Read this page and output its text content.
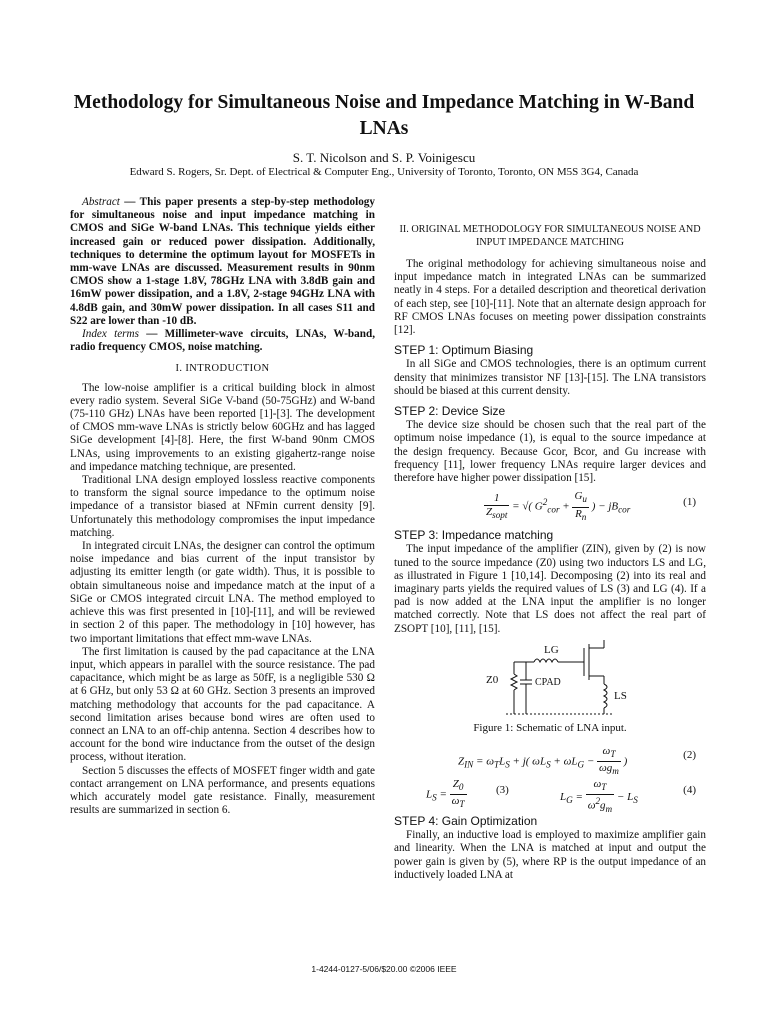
Methodology for Simultaneous Noise and Impedance Matching in W-Band LNAs
S. T. Nicolson and S. P. Voinigescu
Edward S. Rogers, Sr. Dept. of Electrical & Computer Eng., University of Toronto, Toronto, ON M5S 3G4, Canada

Abstract — This paper presents a step-by-step methodology for simultaneous noise and input impedance matching in CMOS and SiGe W-band LNAs. This technique yields either increased gain or reduced power dissipation. Additionally, techniques to determine the optimum layout for MOSFETs in mm-wave LNAs are discussed. Measurement results in 90nm CMOS show a 1-stage 1.8V, 78GHz LNA with 3.8dB gain and 16mW power dissipation, and a 1.8V, 2-stage 94GHz LNA with 4.8dB gain, and 30mW power dissipation. In all cases S11 and S22 are lower than -10 dB.

Index terms — Millimeter-wave circuits, LNAs, W-band, radio frequency CMOS, noise matching.

I. INTRODUCTION

The low-noise amplifier is a critical building block in almost every radio system. Several SiGe V-band (50-75GHz) and W-band (75-110 GHz) LNAs have been reported [1]-[3]. The development of CMOS mm-wave LNAs is strictly below 60GHz and has lagged SiGe development [4]-[8]. Here, the first W-band 90nm CMOS LNAs, using improvements to an existing gigahertz-range noise and impedance matching technique, are presented.

Traditional LNA design employed lossless reactive components to transform the signal source impedance to the optimum noise impedance of a transistor biased at NFmin current density [9]. Unfortunately this methodology compromises the input impedance matching.

In integrated circuit LNAs, the designer can control the optimum noise impedance and bias current of the input transistor by adjusting its emitter length (or gate width). Thus, it is possible to obtain simultaneous noise and impedance match at the input of a SiGe or CMOS integrated circuit LNA. The method employed to achieve this was first presented in [10]-[11], and will be reviewed in section 2 of this paper. The methodology in [10] however, has two important limitations that effect mm-wave LNAs.

The first limitation is caused by the pad capacitance at the LNA input, which appears in parallel with the source resistance. The pad capacitance, which might be as large as 50fF, is a negligible 530 Ω at 6 GHz, but only 53 Ω at 60 GHz. Section 3 presents an improved matching methodology that accounts for the pad capacitance. A second limitation arises because bond wires are often used to connect an LNA to an off-chip antenna. Section 4 describes how to account for the bond wire inductance from the outset of the design process, without iteration.

Section 5 discusses the effects of MOSFET finger width and gate contact arrangement on LNA performance, and presents equations which accurately model gate resistance. Finally, measurement results are summarized in section 6.

II. ORIGINAL METHODOLOGY FOR SIMULTANEOUS NOISE AND INPUT IMPEDANCE MATCHING

The original methodology for achieving simultaneous noise and input impedance match in integrated LNAs can be summarized neatly in 4 steps. For a detailed description and theoretical derivation of each step, see [10]-[11]. Note that an alternate design approach for RF CMOS LNAs focuses on meeting power dissipation constraints [12].

STEP 1: Optimum Biasing

In all SiGe and CMOS technologies, there is an optimum current density that minimizes transistor NF [13]-[15]. The LNA transistors should be biased at this current density.

STEP 2: Device Size

The device size should be chosen such that the real part of the optimum noise impedance (1), is equal to the source impedance at the design frequency. Because Gcor, Bcor, and Gu increase with frequency [11], lower frequency LNAs require larger devices and therefore have higher power dissipation [15].

$\frac{1}{Z_{sopt}}$ = √( $G^2_{cor} + \frac{G_u}{R_n}$ ) − $jB_{cor}$
(1)
STEP 3: Impedance matching

The input impedance of the amplifier (ZIN), given by (2) is now tuned to the source impedance (Z0) using two inductors LS and LG, as illustrated in Figure 1 [10,14]. Decomposing (2) into its real and imaginary parts yields the required values of LS (3) and LG (4). If a pad is now added at the LNA input the amplifier is no longer matched correctly. Note that LS does not affect the real part of ZSOPT [10], [11], [15].

LG
Z0	CPAD
LS
Figure 1: Schematic of LNA input.
$Z_{IN} = \omega_TL_S + j$( $\omega L_S + \omega L_G - \frac{\omega_T}{\omega g_m}$ )
(2)
$L_S = \frac{Z_0}{\omega_T}$	(3)
$L_G = \frac{\omega_T}{\omega^2g_m} - L_S$
(4)
STEP 4: Gain Optimization

Finally, an inductive load is employed to maximize amplifier gain and linearity. When the LNA is matched at input and output the power gain is given by (5), where RP is the output impedance of an inductively loaded LNA at

1-4244-0127-5/06/$20.00 ©2006 IEEE
